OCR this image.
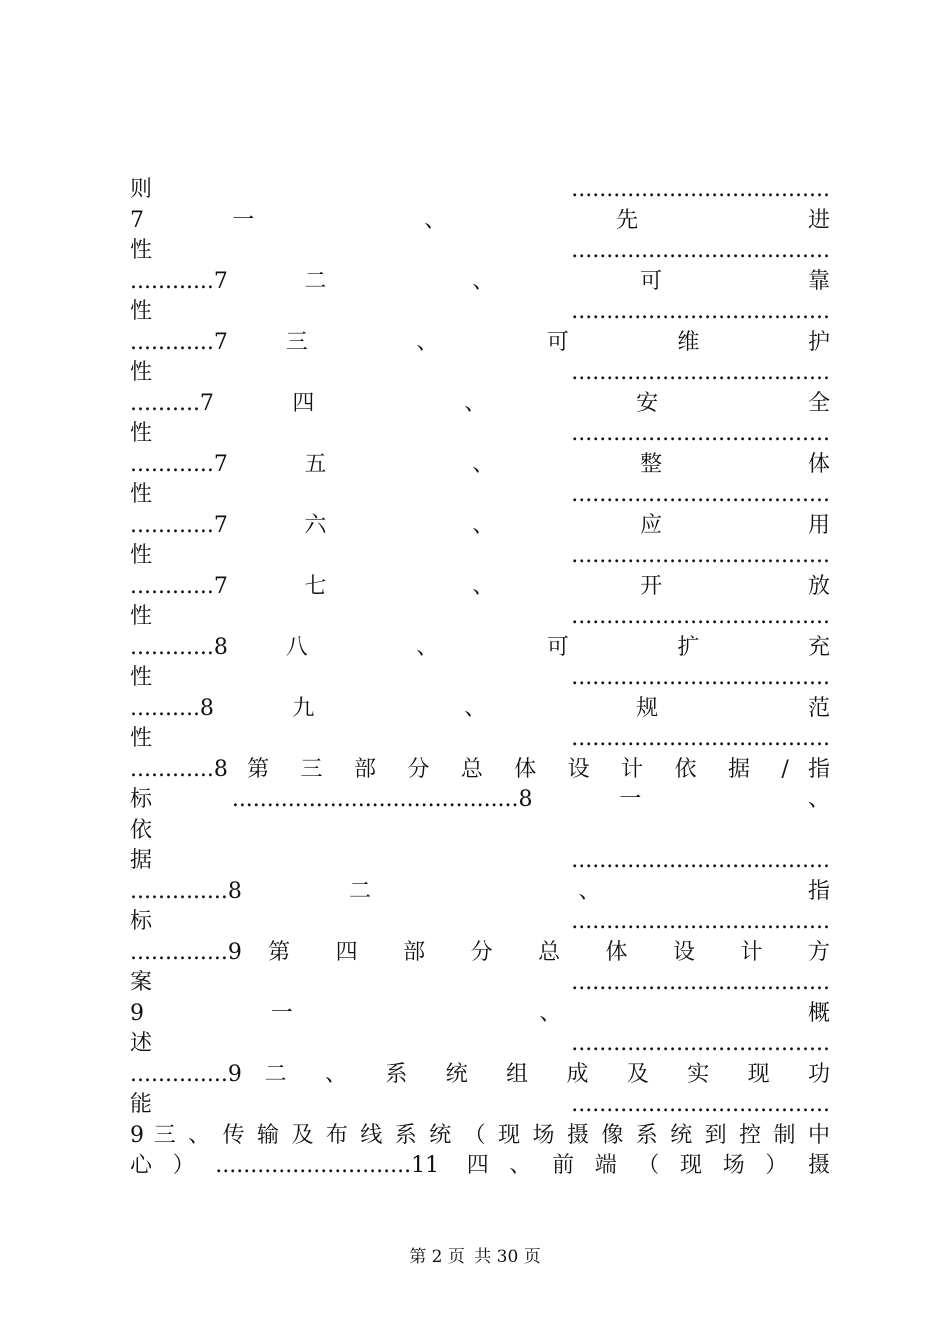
则.....................................
7 一 、 先 进
性.....................................
............7 二 、 可 靠
性.....................................
............7 三 、 可 维 护
性.....................................
..........7 四 、 安 全
性.....................................
............7 五 、 整 体
性.....................................
............7 六 、 应 用
性.....................................
............7 七 、 开 放
性.....................................
............8 八 、 可 扩 充
性.....................................
..........8 九 、 规 范
性.....................................
............8 第 三 部 分 总 体 设 计 依 据 / 指
标.........................................8 一 、
依
据.....................................
..............8 二 、 指
标.....................................
..............9 第 四 部 分 总 体 设 计 方
案.....................................
9 一 、 概
述.....................................
..............9 二 、 系 统 组 成 及 实 现 功
能.....................................
9 三 、 传 输 及 布 线 系 统 （ 现 场 摄 像 系 统 到 控 制 中
心）............................11 四、前端（现场）摄
第 2 页 共 30 页
